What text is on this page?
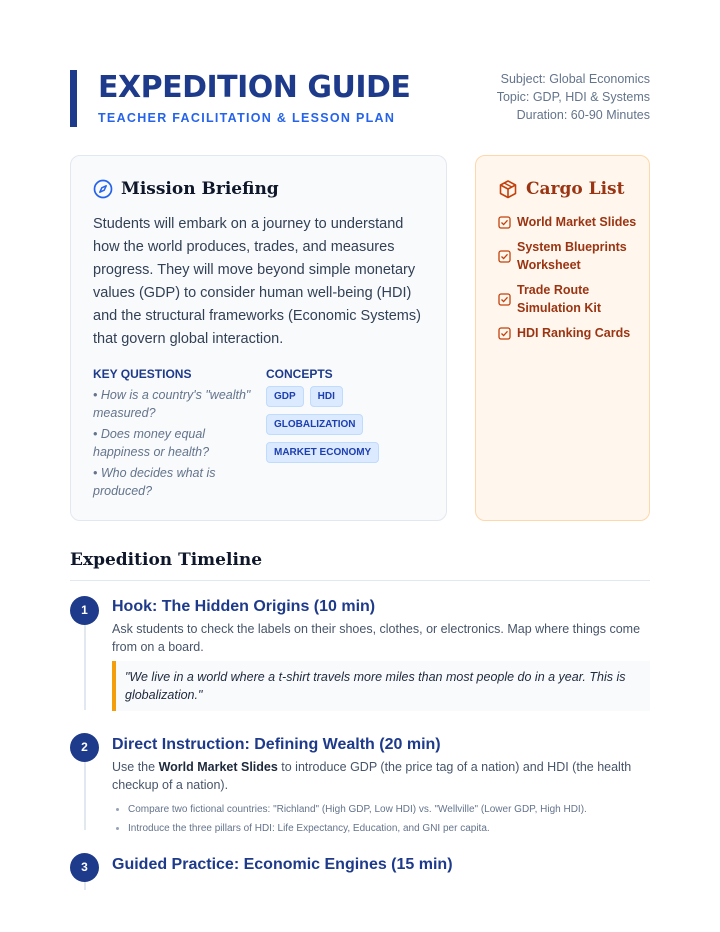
EXPEDITION GUIDE
TEACHER FACILITATION & LESSON PLAN
Subject: Global Economics
Topic: GDP, HDI & Systems
Duration: 60-90 Minutes
Mission Briefing

Students will embark on a journey to understand how the world produces, trades, and measures progress. They will move beyond simple monetary values (GDP) to consider human well-being (HDI) and the structural frameworks (Economic Systems) that govern global interaction.

KEY QUESTIONS
• How is a country's "wealth" measured?
• Does money equal happiness or health?
• Who decides what is produced?
CONCEPTS
GDP HDI
GLOBALIZATION
MARKET ECONOMY
Cargo List
World Market Slides
System Blueprints Worksheet
Trade Route Simulation Kit
HDI Ranking Cards
Expedition Timeline
1	Hook: The Hidden Origins (10 min)
Ask students to check the labels on their shoes, clothes, or electronics. Map where things come from on a board.
"We live in a world where a t-shirt travels more miles than most people do in a year. This is globalization."
2	Direct Instruction: Defining Wealth (20 min)
Use the World Market Slides to introduce GDP (the price tag of a nation) and HDI (the health checkup of a nation).
• Compare two fictional countries: "Richland" (High GDP, Low HDI) vs. "Wellville" (Lower GDP, High HDI).
• Introduce the three pillars of HDI: Life Expectancy, Education, and GNI per capita.
3	Guided Practice: Economic Engines (15 min)
